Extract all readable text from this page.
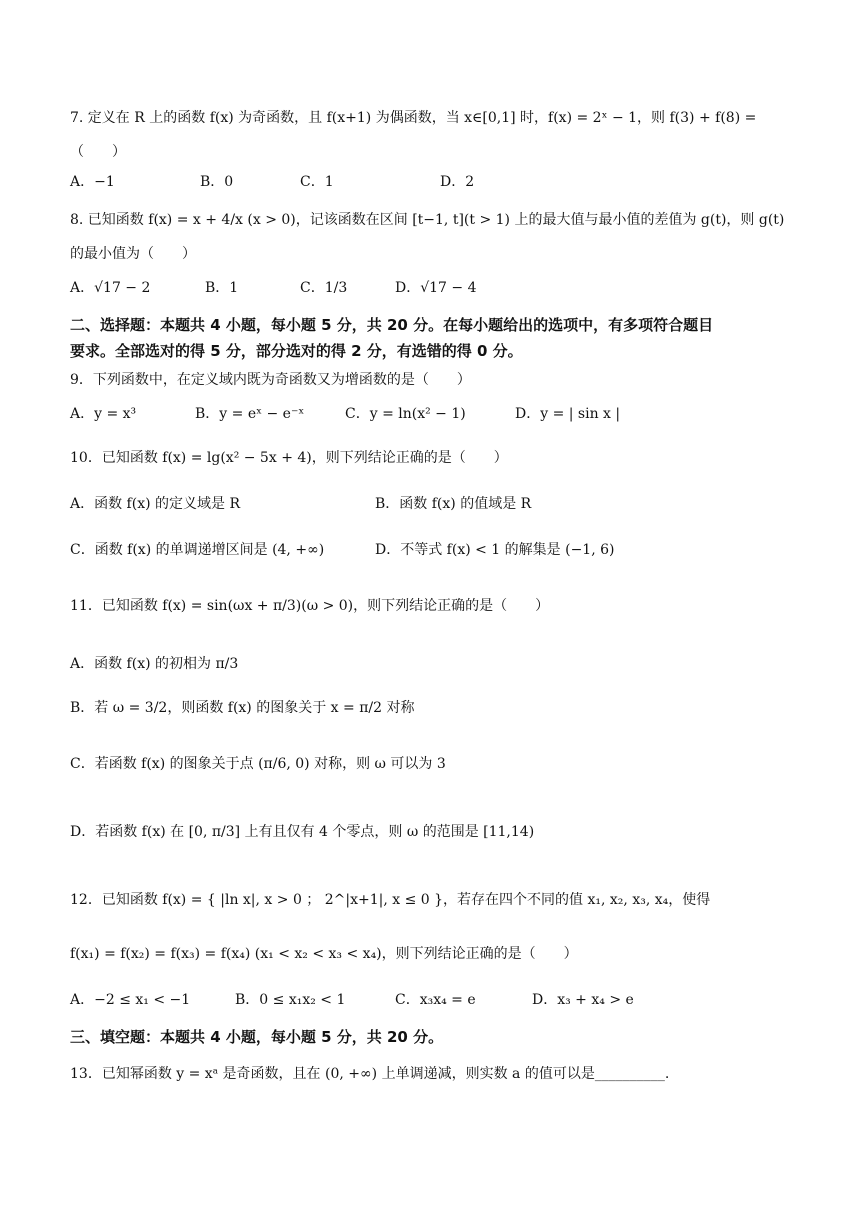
7. 定义在 R 上的函数 f(x) 为奇函数，且 f(x+1) 为偶函数，当 x∈[0,1] 时，f(x) = 2ˣ − 1，则 f(3) + f(8) =
（　　）
A．−1	B．0	C．1	D．2
8. 已知函数 f(x) = x + 4/x (x > 0)，记该函数在区间 [t−1, t](t > 1) 上的最大值与最小值的差值为 g(t)，则 g(t)
的最小值为（　　）
A．√17 − 2	B．1	C．1/3	D．√17 − 4
二、选择题：本题共 4 小题，每小题 5 分，共 20 分。在每小题给出的选项中，有多项符合题目
要求。全部选对的得 5 分，部分选对的得 2 分，有选错的得 0 分。
9．下列函数中，在定义域内既为奇函数又为增函数的是（　　）
A．y = x³	B．y = eˣ − e⁻ˣ	C．y = ln(x² − 1)	D．y = | sin x |
10．已知函数 f(x) = lg(x² − 5x + 4)，则下列结论正确的是（　　）
A．函数 f(x) 的定义域是 R	B．函数 f(x) 的值域是 R
C．函数 f(x) 的单调递增区间是 (4, +∞)	D．不等式 f(x) < 1 的解集是 (−1, 6)
11．已知函数 f(x) = sin(ωx + π/3)(ω > 0)，则下列结论正确的是（　　）
A．函数 f(x) 的初相为 π/3
B．若 ω = 3/2，则函数 f(x) 的图象关于 x = π/2 对称
C．若函数 f(x) 的图象关于点 (π/6, 0) 对称，则 ω 可以为 3
D．若函数 f(x) 在 [0, π/3] 上有且仅有 4 个零点，则 ω 的范围是 [11,14)
12．已知函数 f(x) = { |ln x|, x > 0 ； 2^|x+1|, x ≤ 0 }，若存在四个不同的值 x₁, x₂, x₃, x₄，使得
f(x₁) = f(x₂) = f(x₃) = f(x₄) (x₁ < x₂ < x₃ < x₄)，则下列结论正确的是（　　）
A．−2 ≤ x₁ < −1	B．0 ≤ x₁x₂ < 1	C．x₃x₄ = e	D．x₃ + x₄ > e
三、填空题：本题共 4 小题，每小题 5 分，共 20 分。
13．已知幂函数 y = xᵃ 是奇函数，且在 (0, +∞) 上单调递减，则实数 a 的值可以是__________.
